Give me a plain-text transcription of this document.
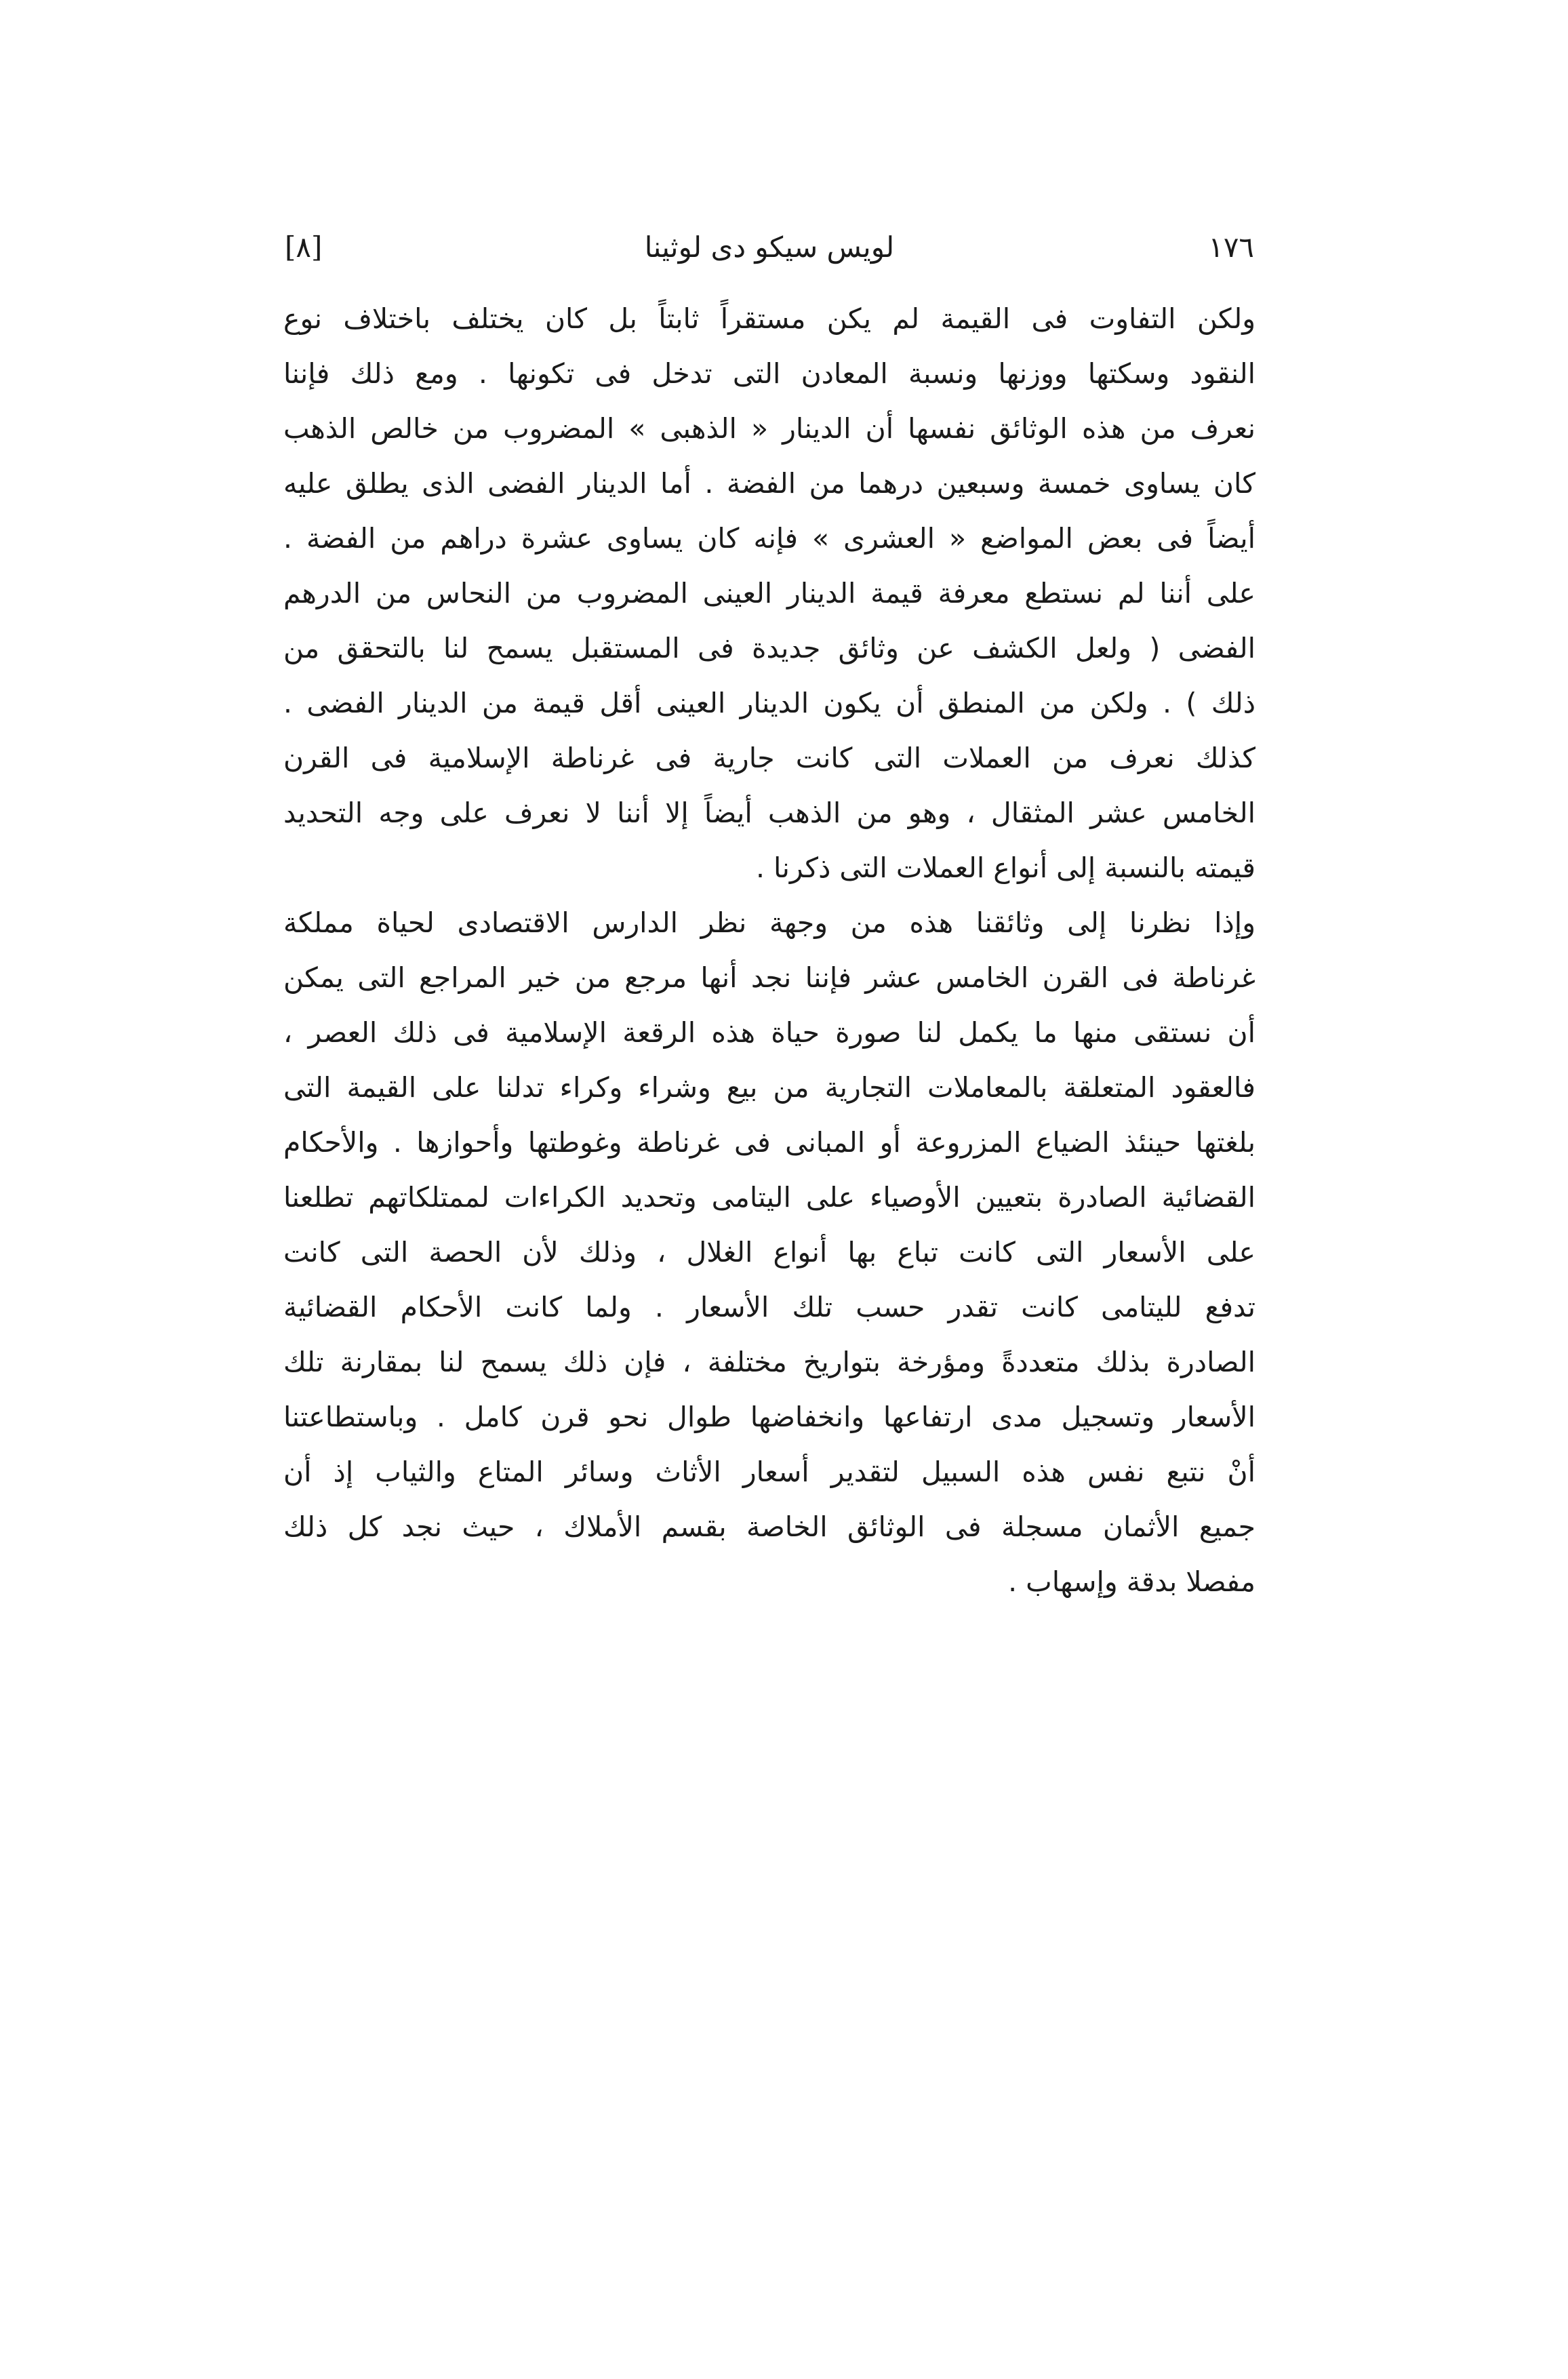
[٨]	لويس سيكو دى لوثينا	١٧٦
ولكن التفاوت فى القيمة لم يكن مستقراً ثابتاً بل كان يختلف باختلاف نوع
النقود وسكتها ووزنها ونسبة المعادن التى تدخل فى تكونها . ومع ذلك فإننا
نعرف من هذه الوثائق نفسها أن الدينار « الذهبى » المضروب من خالص الذهب
كان يساوى خمسة وسبعين درهما من الفضة . أما الدينار الفضى الذى يطلق عليه
أيضاً فى بعض المواضع « العشرى » فإنه كان يساوى عشرة دراهم من الفضة .
على أننا لم نستطع معرفة قيمة الدينار العينى المضروب من النحاس من الدرهم
الفضى ( ولعل الكشف عن وثائق جديدة فى المستقبل يسمح لنا بالتحقق من
ذلك ) . ولكن من المنطق أن يكون الدينار العينى أقل قيمة من الدينار الفضى .
كذلك نعرف من العملات التى كانت جارية فى غرناطة الإسلامية فى القرن
الخامس عشر المثقال ، وهو من الذهب أيضاً إلا أننا لا نعرف على وجه التحديد
قيمته بالنسبة إلى أنواع العملات التى ذكرنا .
وإذا نظرنا إلى وثائقنا هذه من وجهة نظر الدارس الاقتصادى لحياة مملكة
غرناطة فى القرن الخامس عشر فإننا نجد أنها مرجع من خير المراجع التى يمكن
أن نستقى منها ما يكمل لنا صورة حياة هذه الرقعة الإسلامية فى ذلك العصر ،
فالعقود المتعلقة بالمعاملات التجارية من بيع وشراء وكراء تدلنا على القيمة التى
بلغتها حينئذ الضياع المزروعة أو المبانى فى غرناطة وغوطتها وأحوازها . والأحكام
القضائية الصادرة بتعيين الأوصياء على اليتامى وتحديد الكراءات لممتلكاتهم تطلعنا
على الأسعار التى كانت تباع بها أنواع الغلال ، وذلك لأن الحصة التى كانت
تدفع لليتامى كانت تقدر حسب تلك الأسعار . ولما كانت الأحكام القضائية
الصادرة بذلك متعددةً ومؤرخة بتواريخ مختلفة ، فإن ذلك يسمح لنا بمقارنة تلك
الأسعار وتسجيل مدى ارتفاعها وانخفاضها طوال نحو قرن كامل . وباستطاعتنا
أنْ نتبع نفس هذه السبيل لتقدير أسعار الأثاث وسائر المتاع والثياب إذ أن
جميع الأثمان مسجلة فى الوثائق الخاصة بقسم الأملاك ، حيث نجد كل ذلك
مفصلا بدقة وإسهاب .
